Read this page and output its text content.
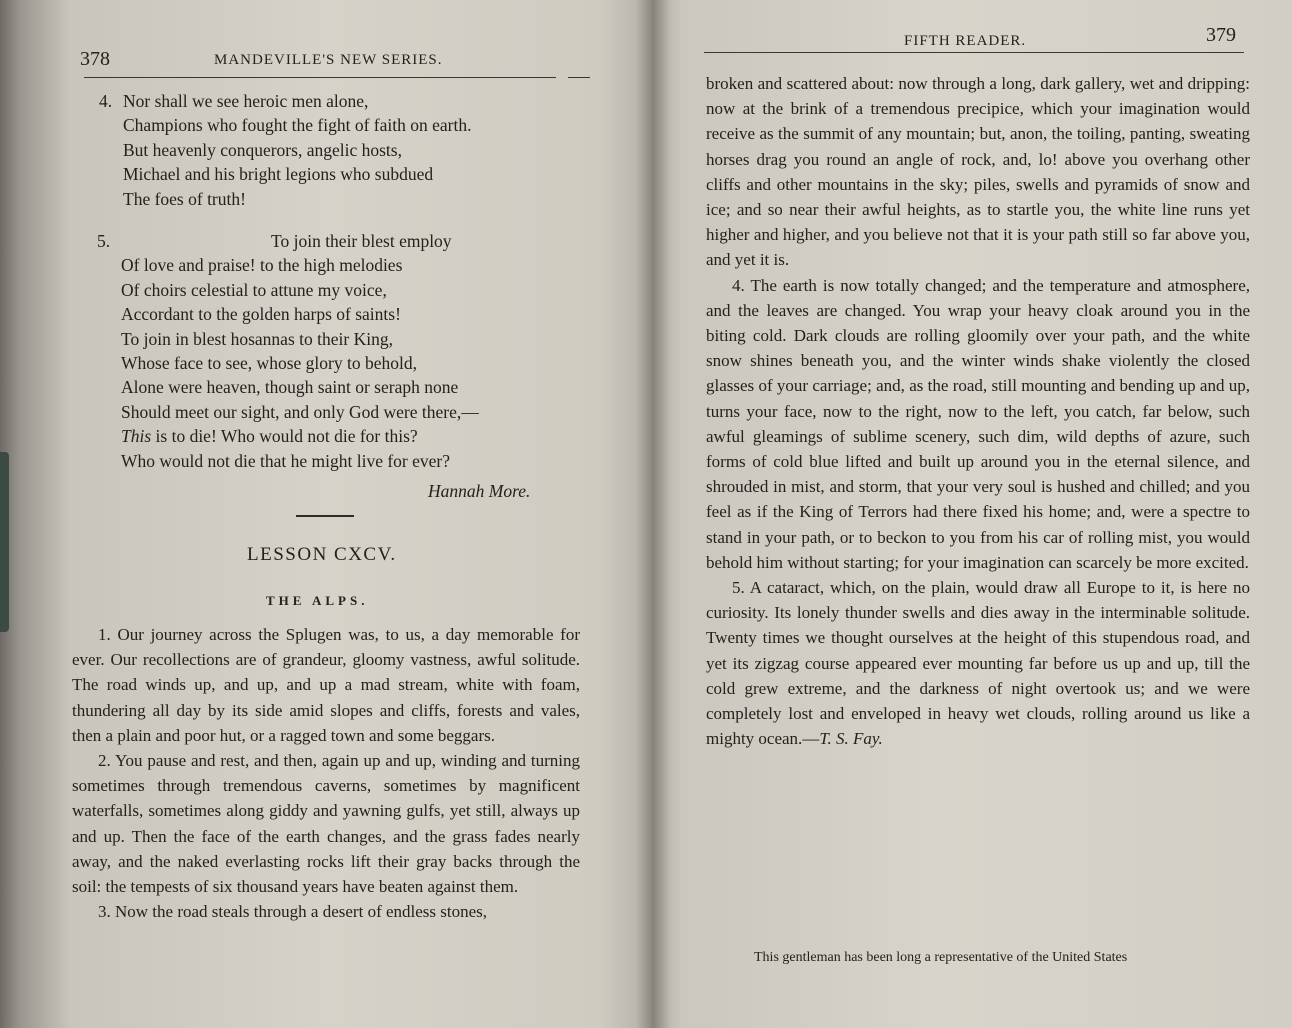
378	MANDEVILLE'S NEW SERIES.
4. Nor shall we see heroic men alone,
Champions who fought the fight of faith on earth.
But heavenly conquerors, angelic hosts,
Michael and his bright legions who subdued
The foes of truth!
5.	To join their blest employ
Of love and praise! to the high melodies
Of choirs celestial to attune my voice,
Accordant to the golden harps of saints!
To join in blest hosannas to their King,
Whose face to see, whose glory to behold,
Alone were heaven, though saint or seraph none
Should meet our sight, and only God were there,—
This is to die! Who would not die for this?
Who would not die that he might live for ever?
Hannah More.
LESSON CXCV.
THE ALPS.

1. Our journey across the Splugen was, to us, a day memorable for ever. Our recollections are of grandeur, gloomy vastness, awful solitude. The road winds up, and up, and up a mad stream, white with foam, thundering all day by its side amid slopes and cliffs, forests and vales, then a plain and poor hut, or a ragged town and some beggars.

2. You pause and rest, and then, again up and up, winding and turning sometimes through tremendous caverns, sometimes by magnificent waterfalls, sometimes along giddy and yawning gulfs, yet still, always up and up. Then the face of the earth changes, and the grass fades nearly away, and the naked everlasting rocks lift their gray backs through the soil: the tempests of six thousand years have beaten against them.

3. Now the road steals through a desert of endless stones,

FIFTH READER.	379

broken and scattered about: now through a long, dark gallery, wet and dripping: now at the brink of a tremendous precipice, which your imagination would receive as the summit of any mountain; but, anon, the toiling, panting, sweating horses drag you round an angle of rock, and, lo! above you overhang other cliffs and other mountains in the sky; piles, swells and pyramids of snow and ice; and so near their awful heights, as to startle you, the white line runs yet higher and higher, and you believe not that it is your path still so far above you, and yet it is.

4. The earth is now totally changed; and the temperature and atmosphere, and the leaves are changed. You wrap your heavy cloak around you in the biting cold. Dark clouds are rolling gloomily over your path, and the white snow shines beneath you, and the winter winds shake violently the closed glasses of your carriage; and, as the road, still mounting and bending up and up, turns your face, now to the right, now to the left, you catch, far below, such awful gleamings of sublime scenery, such dim, wild depths of azure, such forms of cold blue lifted and built up around you in the eternal silence, and shrouded in mist, and storm, that your very soul is hushed and chilled; and you feel as if the King of Terrors had there fixed his home; and, were a spectre to stand in your path, or to beckon to you from his car of rolling mist, you would behold him without starting; for your imagination can scarcely be more excited.

5. A cataract, which, on the plain, would draw all Europe to it, is here no curiosity. Its lonely thunder swells and dies away in the interminable solitude. Twenty times we thought ourselves at the height of this stupendous road, and yet its zigzag course appeared ever mounting far before us up and up, till the cold grew extreme, and the darkness of night overtook us; and we were completely lost and enveloped in heavy wet clouds, rolling around us like a mighty ocean.—T. S. Fay.

This gentleman has been long a representative of the United States
